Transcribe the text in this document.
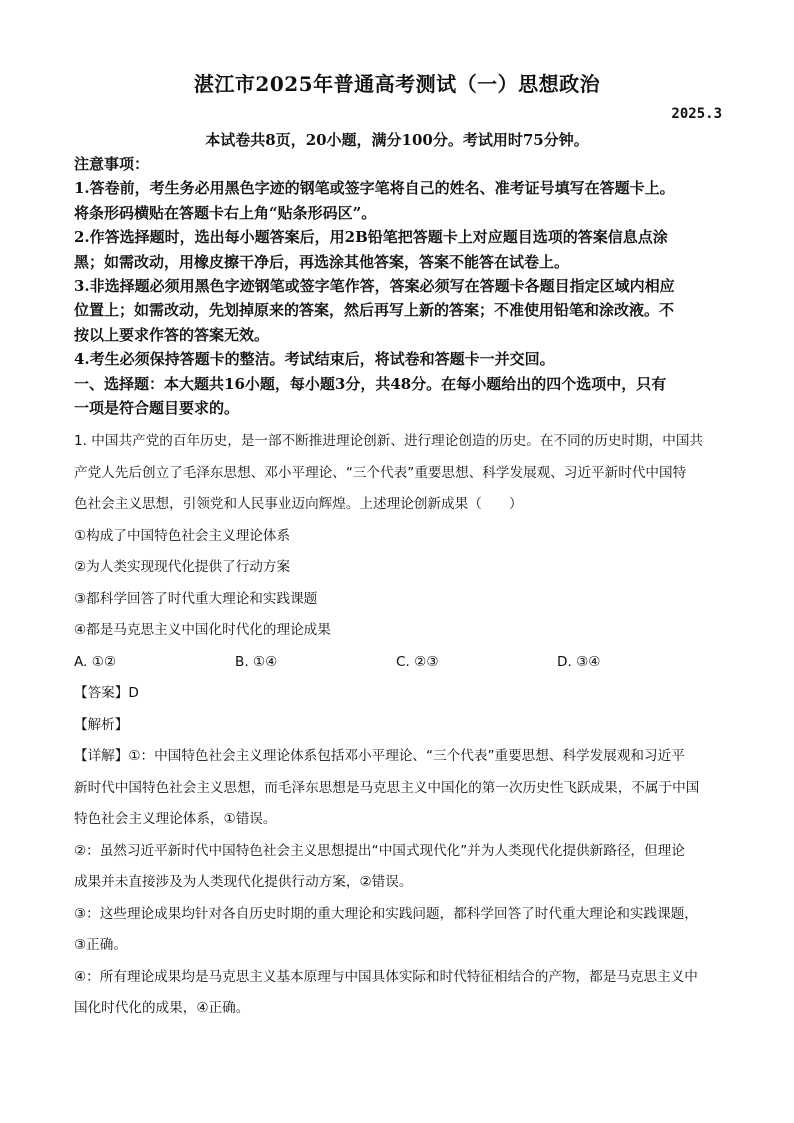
湛江市2025年普通高考测试（一）思想政治
2025.3
本试卷共8页，20小题，满分100分。考试用时75分钟。

注意事项：

1.答卷前，考生务必用黑色字迹的钢笔或签字笔将自己的姓名、准考证号填写在答题卡上。

将条形码横贴在答题卡右上角“贴条形码区”。

2.作答选择题时，选出每小题答案后，用2B铅笔把答题卡上对应题目选项的答案信息点涂

黑；如需改动，用橡皮擦干净后，再选涂其他答案，答案不能答在试卷上。

3.非选择题必须用黑色字迹钢笔或签字笔作答，答案必须写在答题卡各题目指定区域内相应

位置上；如需改动，先划掉原来的答案，然后再写上新的答案；不准使用铅笔和涂改液。不

按以上要求作答的答案无效。

4.考生必须保持答题卡的整洁。考试结束后，将试卷和答题卡一并交回。

一、选择题：本大题共16小题，每小题3分，共48分。在每小题给出的四个选项中，只有

一项是符合题目要求的。

1. 中国共产党的百年历史，是一部不断推进理论创新、进行理论创造的历史。在不同的历史时期，中国共

产党人先后创立了毛泽东思想、邓小平理论、“三个代表”重要思想、科学发展观、习近平新时代中国特

色社会主义思想，引领党和人民事业迈向辉煌。上述理论创新成果（　　）

①构成了中国特色社会主义理论体系

②为人类实现现代化提供了行动方案

③都科学回答了时代重大理论和实践课题

④都是马克思主义中国化时代化的理论成果

A. ①②	B. ①④	C. ②③	D. ③④

【答案】D

【解析】

【详解】①：中国特色社会主义理论体系包括邓小平理论、“三个代表”重要思想、科学发展观和习近平

新时代中国特色社会主义思想，而毛泽东思想是马克思主义中国化的第一次历史性飞跃成果，不属于中国

特色社会主义理论体系，①错误。

②：虽然习近平新时代中国特色社会主义思想提出“中国式现代化”并为人类现代化提供新路径，但理论

成果并未直接涉及为人类现代化提供行动方案，②错误。

③：这些理论成果均针对各自历史时期的重大理论和实践问题，都科学回答了时代重大理论和实践课题，

③正确。

④：所有理论成果均是马克思主义基本原理与中国具体实际和时代特征相结合的产物，都是马克思主义中

国化时代化的成果，④正确。
